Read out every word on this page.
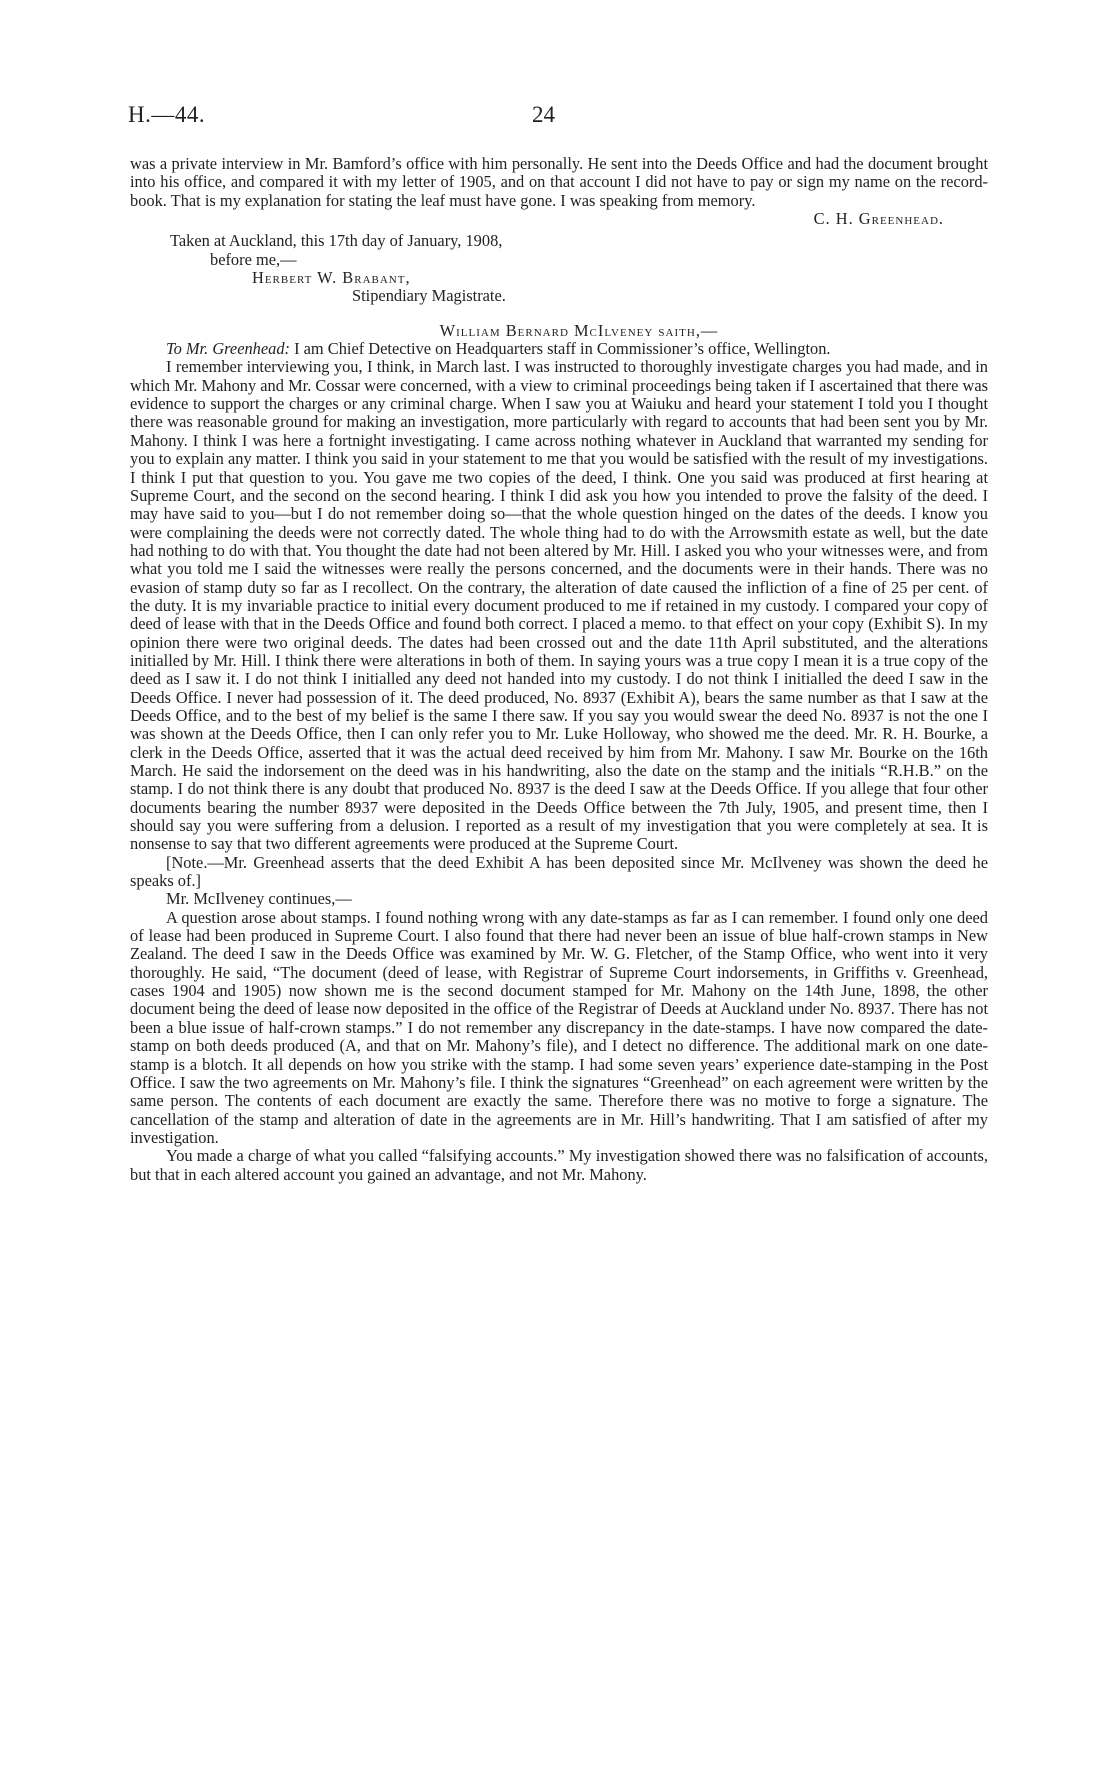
H.—44.	24

was a private interview in Mr. Bamford’s office with him personally. He sent into the Deeds Office and had the document brought into his office, and compared it with my letter of 1905, and on that account I did not have to pay or sign my name on the record-book. That is my explanation for stating the leaf must have gone. I was speaking from memory.

C. H. Greenhead.

Taken at Auckland, this 17th day of January, 1908,

before me,—

Herbert W. Brabant,

Stipendiary Magistrate.

William Bernard McIlveney saith,—

To Mr. Greenhead: I am Chief Detective on Headquarters staff in Commissioner’s office, Wellington.

I remember interviewing you, I think, in March last. I was instructed to thoroughly investigate charges you had made, and in which Mr. Mahony and Mr. Cossar were concerned, with a view to criminal proceedings being taken if I ascertained that there was evidence to support the charges or any criminal charge. When I saw you at Waiuku and heard your statement I told you I thought there was reasonable ground for making an investigation, more particularly with regard to accounts that had been sent you by Mr. Mahony. I think I was here a fortnight investigating. I came across nothing whatever in Auckland that warranted my sending for you to explain any matter. I think you said in your statement to me that you would be satisfied with the result of my investigations. I think I put that question to you. You gave me two copies of the deed, I think. One you said was produced at first hearing at Supreme Court, and the second on the second hearing. I think I did ask you how you intended to prove the falsity of the deed. I may have said to you—but I do not remember doing so—that the whole question hinged on the dates of the deeds. I know you were complaining the deeds were not correctly dated. The whole thing had to do with the Arrowsmith estate as well, but the date had nothing to do with that. You thought the date had not been altered by Mr. Hill. I asked you who your witnesses were, and from what you told me I said the witnesses were really the persons concerned, and the documents were in their hands. There was no evasion of stamp duty so far as I recollect. On the contrary, the alteration of date caused the infliction of a fine of 25 per cent. of the duty. It is my invariable practice to initial every document produced to me if retained in my custody. I compared your copy of deed of lease with that in the Deeds Office and found both correct. I placed a memo. to that effect on your copy (Exhibit S). In my opinion there were two original deeds. The dates had been crossed out and the date 11th April substituted, and the alterations initialled by Mr. Hill. I think there were alterations in both of them. In saying yours was a true copy I mean it is a true copy of the deed as I saw it. I do not think I initialled any deed not handed into my custody. I do not think I initialled the deed I saw in the Deeds Office. I never had possession of it. The deed produced, No. 8937 (Exhibit A), bears the same number as that I saw at the Deeds Office, and to the best of my belief is the same I there saw. If you say you would swear the deed No. 8937 is not the one I was shown at the Deeds Office, then I can only refer you to Mr. Luke Holloway, who showed me the deed. Mr. R. H. Bourke, a clerk in the Deeds Office, asserted that it was the actual deed received by him from Mr. Mahony. I saw Mr. Bourke on the 16th March. He said the indorsement on the deed was in his handwriting, also the date on the stamp and the initials “R.H.B.” on the stamp. I do not think there is any doubt that produced No. 8937 is the deed I saw at the Deeds Office. If you allege that four other documents bearing the number 8937 were deposited in the Deeds Office between the 7th July, 1905, and present time, then I should say you were suffering from a delusion. I reported as a result of my investigation that you were completely at sea. It is nonsense to say that two different agreements were produced at the Supreme Court.

[Note.—Mr. Greenhead asserts that the deed Exhibit A has been deposited since Mr. McIlveney was shown the deed he speaks of.]

Mr. McIlveney continues,—

A question arose about stamps. I found nothing wrong with any date-stamps as far as I can remember. I found only one deed of lease had been produced in Supreme Court. I also found that there had never been an issue of blue half-crown stamps in New Zealand. The deed I saw in the Deeds Office was examined by Mr. W. G. Fletcher, of the Stamp Office, who went into it very thoroughly. He said, “The document (deed of lease, with Registrar of Supreme Court indorsements, in Griffiths v. Greenhead, cases 1904 and 1905) now shown me is the second document stamped for Mr. Mahony on the 14th June, 1898, the other document being the deed of lease now deposited in the office of the Registrar of Deeds at Auckland under No. 8937. There has not been a blue issue of half-crown stamps.” I do not remember any discrepancy in the date-stamps. I have now compared the date-stamp on both deeds produced (A, and that on Mr. Mahony’s file), and I detect no difference. The additional mark on one date-stamp is a blotch. It all depends on how you strike with the stamp. I had some seven years’ experience date-stamping in the Post Office. I saw the two agreements on Mr. Mahony’s file. I think the signatures “Greenhead” on each agreement were written by the same person. The contents of each document are exactly the same. Therefore there was no motive to forge a signature. The cancellation of the stamp and alteration of date in the agreements are in Mr. Hill’s handwriting. That I am satisfied of after my investigation.

You made a charge of what you called “falsifying accounts.” My investigation showed there was no falsification of accounts, but that in each altered account you gained an advantage, and not Mr. Mahony.
